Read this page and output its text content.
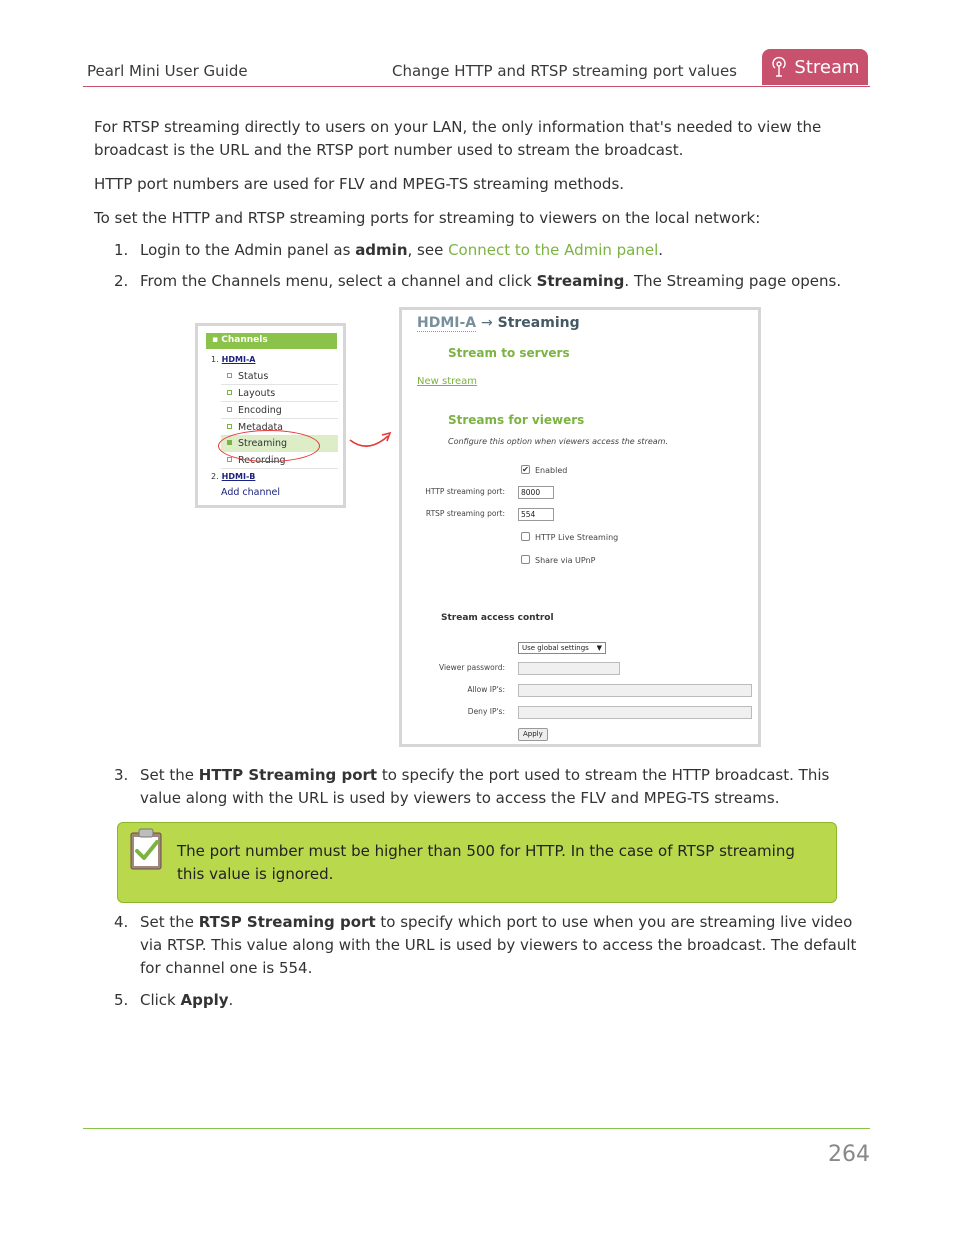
Pearl Mini User Guide	Change HTTP and RTSP streaming port values	Stream

For RTSP streaming directly to users on your LAN, the only information that's needed to view the broadcast is the URL and the RTSP port number used to stream the broadcast.

HTTP port numbers are used for FLV and MPEG-TS streaming methods.

To set the HTTP and RTSP streaming ports for streaming to viewers on the local network:

1. Login to the Admin panel as admin, see Connect to the Admin panel.
2. From the Channels menu, select a channel and click Streaming. The Streaming page opens.
▪ Channels
1. HDMI-A
Status
Layouts
Encoding
Metadata
Streaming
Recording
2. HDMI-B
Add channel
HDMI-A → Streaming
Stream to servers
New stream
Streams for viewers
Configure this option when viewers access the stream.
✔ Enabled
HTTP streaming port:	8000
RTSP streaming port:	554
HTTP Live Streaming
Share via UPnP
Stream access control
Use global settings ▼
Viewer password:
Allow IP's:
Deny IP's:
Apply
3. Set the HTTP Streaming port to specify the port used to stream the HTTP broadcast. This value along with the URL is used by viewers to access the FLV and MPEG-TS streams.
The port number must be higher than 500 for HTTP. In the case of RTSP streaming this value is ignored.
4. Set the RTSP Streaming port to specify which port to use when you are streaming live video via RTSP. This value along with the URL is used by viewers to access the broadcast. The default for channel one is 554.
5. Click Apply.
264
